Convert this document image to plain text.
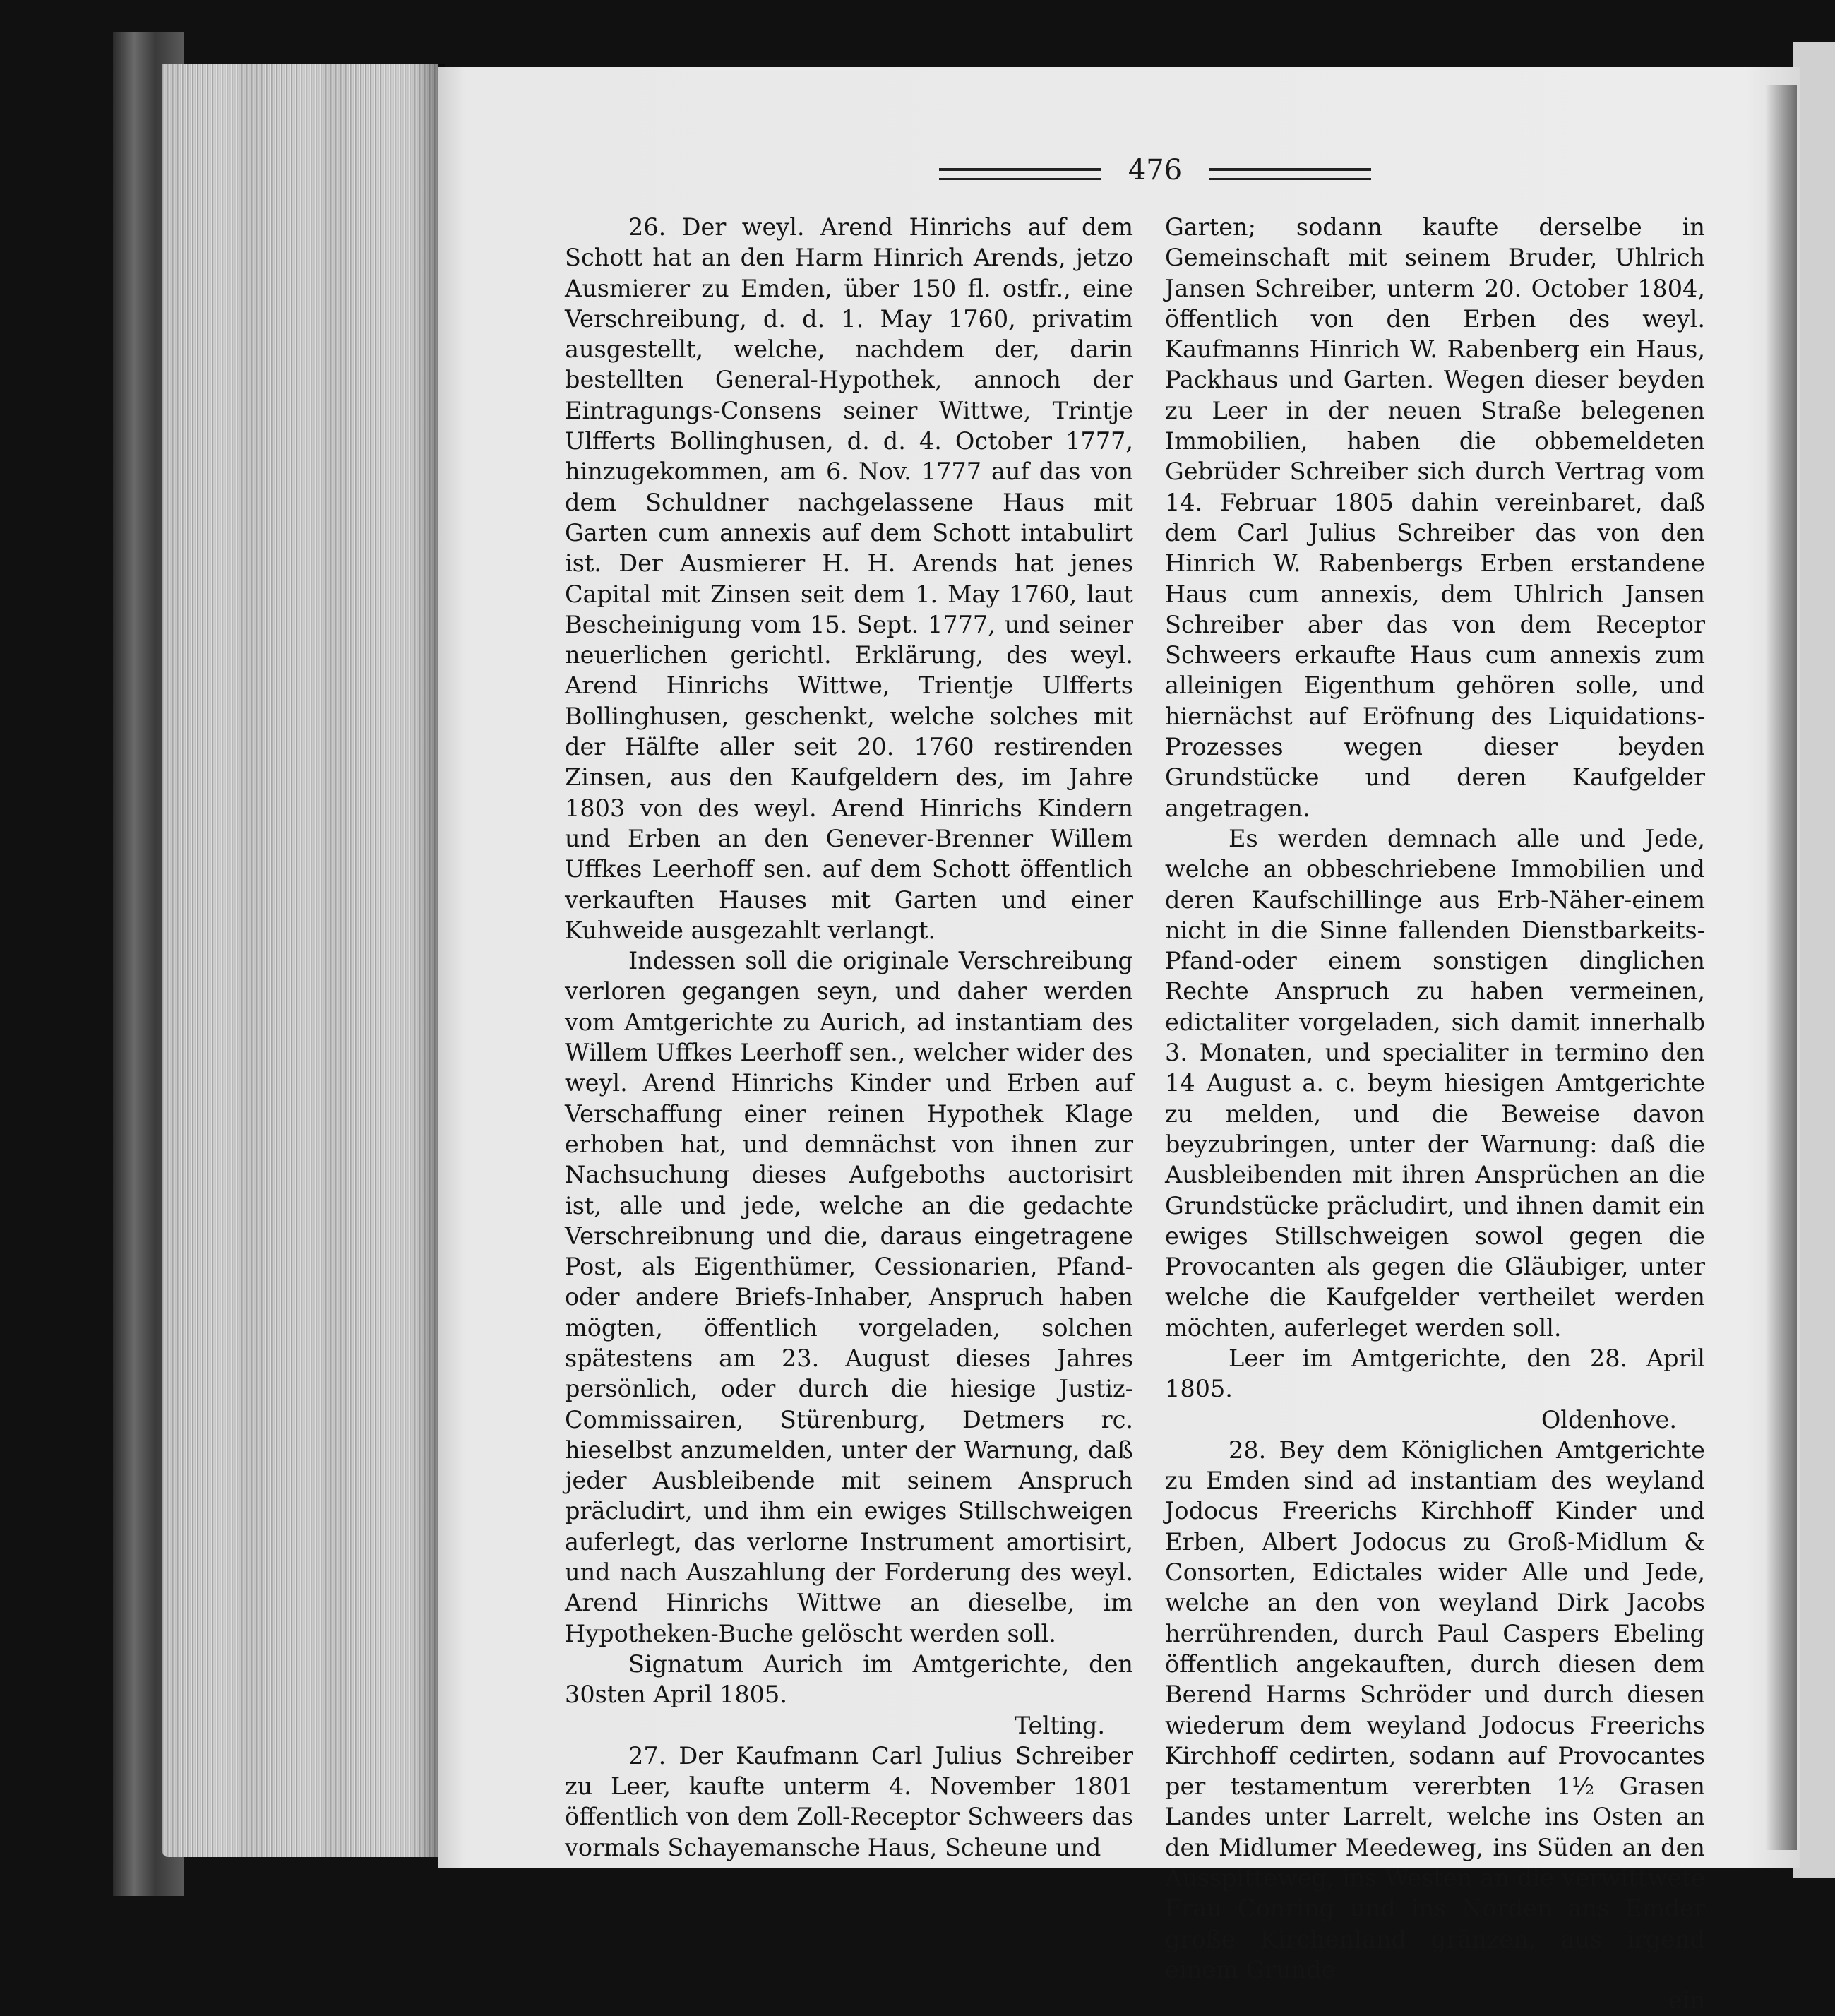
476

26. Der weyl. Arend Hinrichs auf dem Schott hat an den Harm Hinrich Arends, jetzo Ausmierer zu Emden, über 150 fl. ostfr., eine Verschreibung, d. d. 1. May 1760, privatim ausgestellt, welche, nachdem der, darin bestellten General-Hypothek, annoch der Eintragungs-Consens seiner Wittwe, Trintje Ulfferts Bollinghusen, d. d. 4. October 1777, hinzugekommen, am 6. Nov. 1777 auf das von dem Schuldner nachgelassene Haus mit Garten cum annexis auf dem Schott intabulirt ist. Der Ausmierer H. H. Arends hat jenes Capital mit Zinsen seit dem 1. May 1760, laut Bescheinigung vom 15. Sept. 1777, und seiner neuerlichen gerichtl. Erklärung, des weyl. Arend Hinrichs Wittwe, Trientje Ulfferts Bollinghusen, geschenkt, welche solches mit der Hälfte aller seit 20. 1760 restirenden Zinsen, aus den Kaufgeldern des, im Jahre 1803 von des weyl. Arend Hinrichs Kindern und Erben an den Genever-Brenner Willem Uffkes Leerhoff sen. auf dem Schott öffentlich verkauften Hauses mit Garten und einer Kuhweide ausgezahlt verlangt.

Indessen soll die originale Verschreibung verloren gegangen seyn, und daher werden vom Amtgerichte zu Aurich, ad instantiam des Willem Uffkes Leerhoff sen., welcher wider des weyl. Arend Hinrichs Kinder und Erben auf Verschaffung einer reinen Hypothek Klage erhoben hat, und demnächst von ihnen zur Nachsuchung dieses Aufgeboths auctorisirt ist, alle und jede, welche an die gedachte Verschreibnung und die, daraus eingetragene Post, als Eigenthümer, Cessionarien, Pfand- oder andere Briefs-Inhaber, Anspruch haben mögten, öffentlich vorgeladen, solchen spätestens am 23. August dieses Jahres persönlich, oder durch die hiesige Justiz-Commissairen, Stürenburg, Detmers rc. hieselbst anzumelden, unter der Warnung, daß jeder Ausbleibende mit seinem Anspruch präcludirt, und ihm ein ewiges Stillschweigen auferlegt, das verlorne Instrument amortisirt, und nach Auszahlung der Forderung des weyl. Arend Hinrichs Wittwe an dieselbe, im Hypotheken-Buche gelöscht werden soll.

Signatum Aurich im Amtgerichte, den 30sten April 1805.

Telting.

27. Der Kaufmann Carl Julius Schreiber zu Leer, kaufte unterm 4. November 1801 öffentlich von dem Zoll-Receptor Schweers das vormals Schayemansche Haus, Scheune und

Garten; sodann kaufte derselbe in Gemeinschaft mit seinem Bruder, Uhlrich Jansen Schreiber, unterm 20. October 1804, öffentlich von den Erben des weyl. Kaufmanns Hinrich W. Rabenberg ein Haus, Packhaus und Garten. Wegen dieser beyden zu Leer in der neuen Straße belegenen Immobilien, haben die obbemeldeten Gebrüder Schreiber sich durch Vertrag vom 14. Februar 1805 dahin vereinbaret, daß dem Carl Julius Schreiber das von den Hinrich W. Rabenbergs Erben erstandene Haus cum annexis, dem Uhlrich Jansen Schreiber aber das von dem Receptor Schweers erkaufte Haus cum annexis zum alleinigen Eigenthum gehören solle, und hiernächst auf Eröfnung des Liquidations-Prozesses wegen dieser beyden Grundstücke und deren Kaufgelder angetragen.

Es werden demnach alle und Jede, welche an obbeschriebene Immobilien und deren Kaufschillinge aus Erb-Näher-einem nicht in die Sinne fallenden Dienstbarkeits-Pfand-oder einem sonstigen dinglichen Rechte Anspruch zu haben vermeinen, edictaliter vorgeladen, sich damit innerhalb 3. Monaten, und specialiter in termino den 14 August a. c. beym hiesigen Amtgerichte zu melden, und die Beweise davon beyzubringen, unter der Warnung: daß die Ausbleibenden mit ihren Ansprüchen an die Grundstücke präcludirt, und ihnen damit ein ewiges Stillschweigen sowol gegen die Provocanten als gegen die Gläubiger, unter welche die Kaufgelder vertheilet werden möchten, auferleget werden soll.

Leer im Amtgerichte, den 28. April 1805.

Oldenhove.

28. Bey dem Königlichen Amtgerichte zu Emden sind ad instantiam des weyland Jodocus Freerichs Kirchhoff Kinder und Erben, Albert Jodocus zu Groß-Midlum & Consorten, Edictales wider Alle und Jede, welche an den von weyland Dirk Jacobs herrührenden, durch Paul Caspers Ebeling öffentlich angekauften, durch diesen dem Berend Harms Schröder und durch diesen wiederum dem weyland Jodocus Freerichs Kirchhoff cedirten, sodann auf Provocantes per testamentum vererbten 1½ Grasen Landes unter Larrelt, welche ins Osten an den Midlumer Meedeweg, ins Süden an den Ausspitteweg, ins Westen an die verwittwete Frau Conring und ins Norden ans Emder große Kirchenland gränzen, aus irgend einem Grunde

ein
